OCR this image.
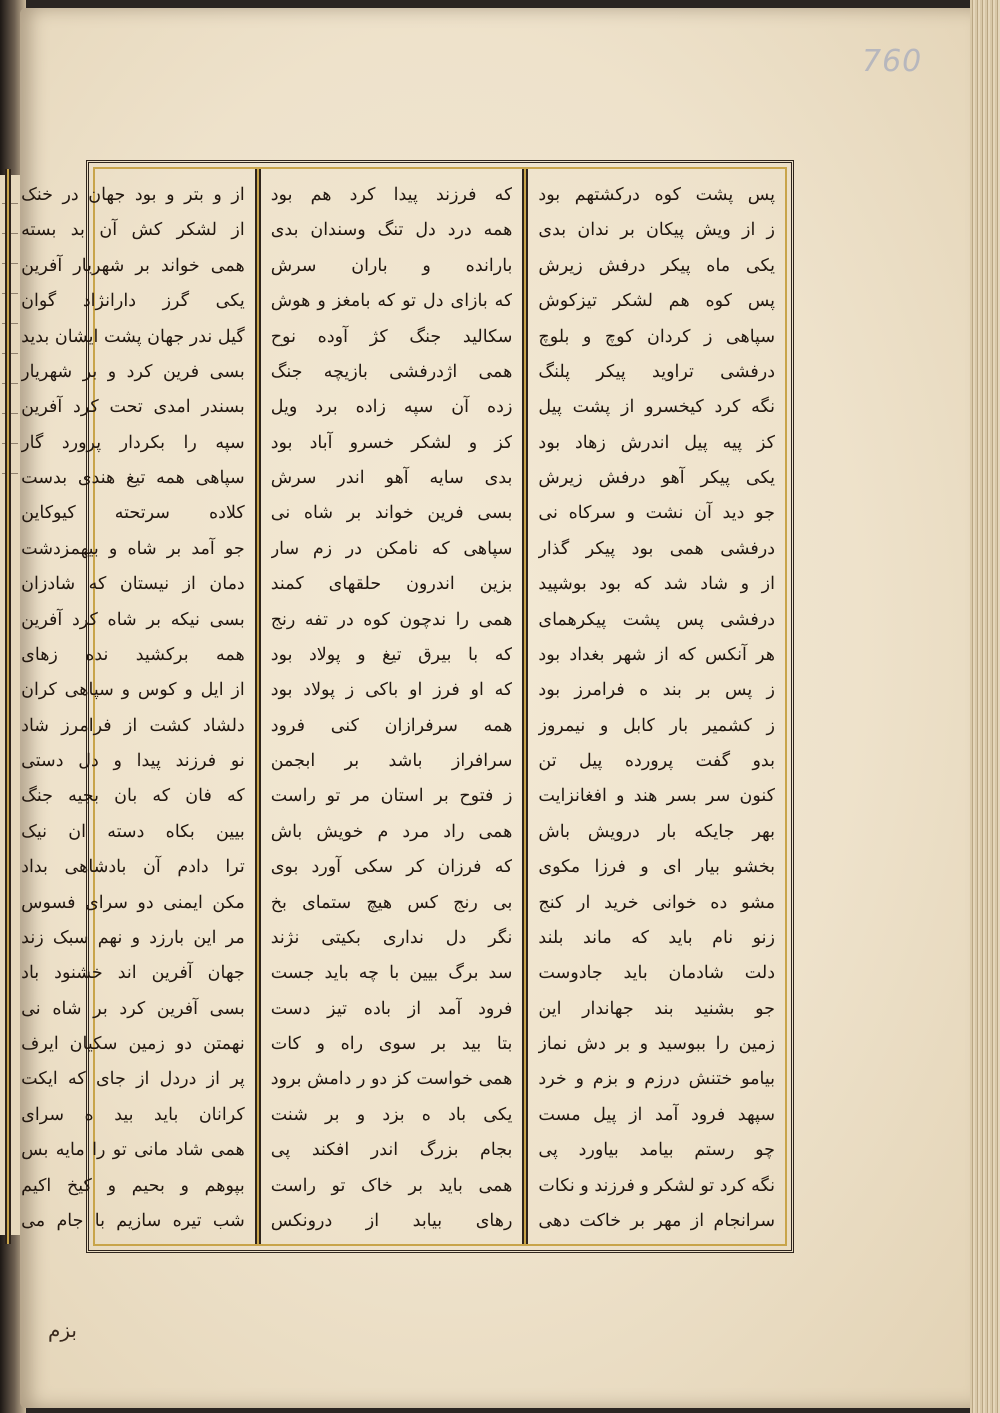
760
پس پشت کوه درکشتهم بود
ز از ویش پیکان بر ندان بدی
یکی ماه پیکر درفش زیرش
پس کوه هم لشکر تیزکوش
سپاهی ز کردان کوچ و بلوچ
درفشی تراوید پیکر پلنگ
نگه کرد کیخسرو از پشت پیل
کز پیه پیل اندرش زهاد بود
یکی پیکر آهو درفش زیرش
جو دید آن نشت و سرکاه نی
درفشی همی بود پیکر گذار
از و شاد شد که بود بوشپید
درفشی پس پشت پیکرهمای
هر آنکس که از شهر بغداد بود
ز پس بر بند ه فرامرز بود
ز کشمیر بار کابل و نیمروز
بدو گفت پرورده پیل تن
کنون سر بسر هند و افغانزایت
بهر جایکه بار درویش باش
بخشو بیار ای و فرزا مکوی
مشو ده خوانی خرید ار کنج
زنو نام باید که ماند بلند
دلت شادمان باید جادوست
جو بشنید بند جهاندار این
زمین را ببوسید و بر دش نماز
بیامو ختنش درزم و بزم و خرد
سپهد فرود آمد از پیل مست
چو رستم بیامد بیاورد پی
نگه کرد تو لشکر و فرزند و نکات
سرانجام از مهر بر خاکت دهی
که فرزند پیدا کرد هم بود
همه درد دل تنگ وسندان بدی
بارانده و باران سرش
که بازای دل تو که بامغز و هوش
سکالید جنگ کژ آوده نوح
همی اژدرفشی بازیچه جنگ
زده آن سپه زاده برد ویل
کز و لشکر خسرو آباد بود
بدی سایه آهو اندر سرش
بسی فرین خواند بر شاه نی
سپاهی که نامکن در زم سار
بزین اندرون حلقهای کمند
همی را ندچون کوه در تفه رنج
که با بیرق تیغ و پولاد بود
که او فرز او باکی ز پولاد بود
همه سرفرازان کنی فرود
سرافراز باشد بر ابجمن
ز فتوح بر استان مر تو راست
همی راد مرد م خویش باش
که فرزان کر سکی آورد بوی
بی رنج کس هیچ ستمای بخ
نگر دل نداری بکیتی نژند
سد برگ بیین با چه باید جست
فرود آمد از باده تیز دست
بتا بید بر سوی راه و کات
همی خواست کز دو ر دامش برود
یکی باد ه بزد و بر شنت
بجام بزرگ اندر افکند پی
همی باید بر خاک تو راست
رهای بیابد از درونکس
از و بتر و بود جهان در خنک
از لشکر کش آن بد بسته
همی خواند بر شهریار آفرین
یکی گرز دارانژاد گوان
گیل ندر جهان پشت ایشان بدید
بسی فرین کرد و بر شهریار
بسندر امدی تحت کرد آفرین
سپه را بکردار پرورد گار
سپاهی همه تیغ هندی بدست
کلاده سرتحته کیوکاین
جو آمد بر شاه و بیهمزدشت
دمان از نیستان که شادزان
بسی نیکه بر شاه کرد آفرین
همه برکشید نده زهای
از ایل و کوس و سپاهی کران
دلشاد کشت از فرامرز شاد
نو فرزند پیدا و دل دستی
که فان که بان بجیه جنگ
بیین بکاه دسته ان نیک
ترا دادم آن بادشاهی بداد
مکن ایمنی دو سرای فسوس
مر این بارزد و نهم سبک زند
جهان آفرین اند خشنود باد
بسی آفرین کرد بر شاه نی
نهمتن دو زمین سکیان ایرف
پر از دردل از جای که ایکت
کرانان باید بید ه سرای
همی شاد مانی تو را مایه بس
بپوهم و بحیم و کیخ اکیم
شب تیره سازیم با جام می
بزم
